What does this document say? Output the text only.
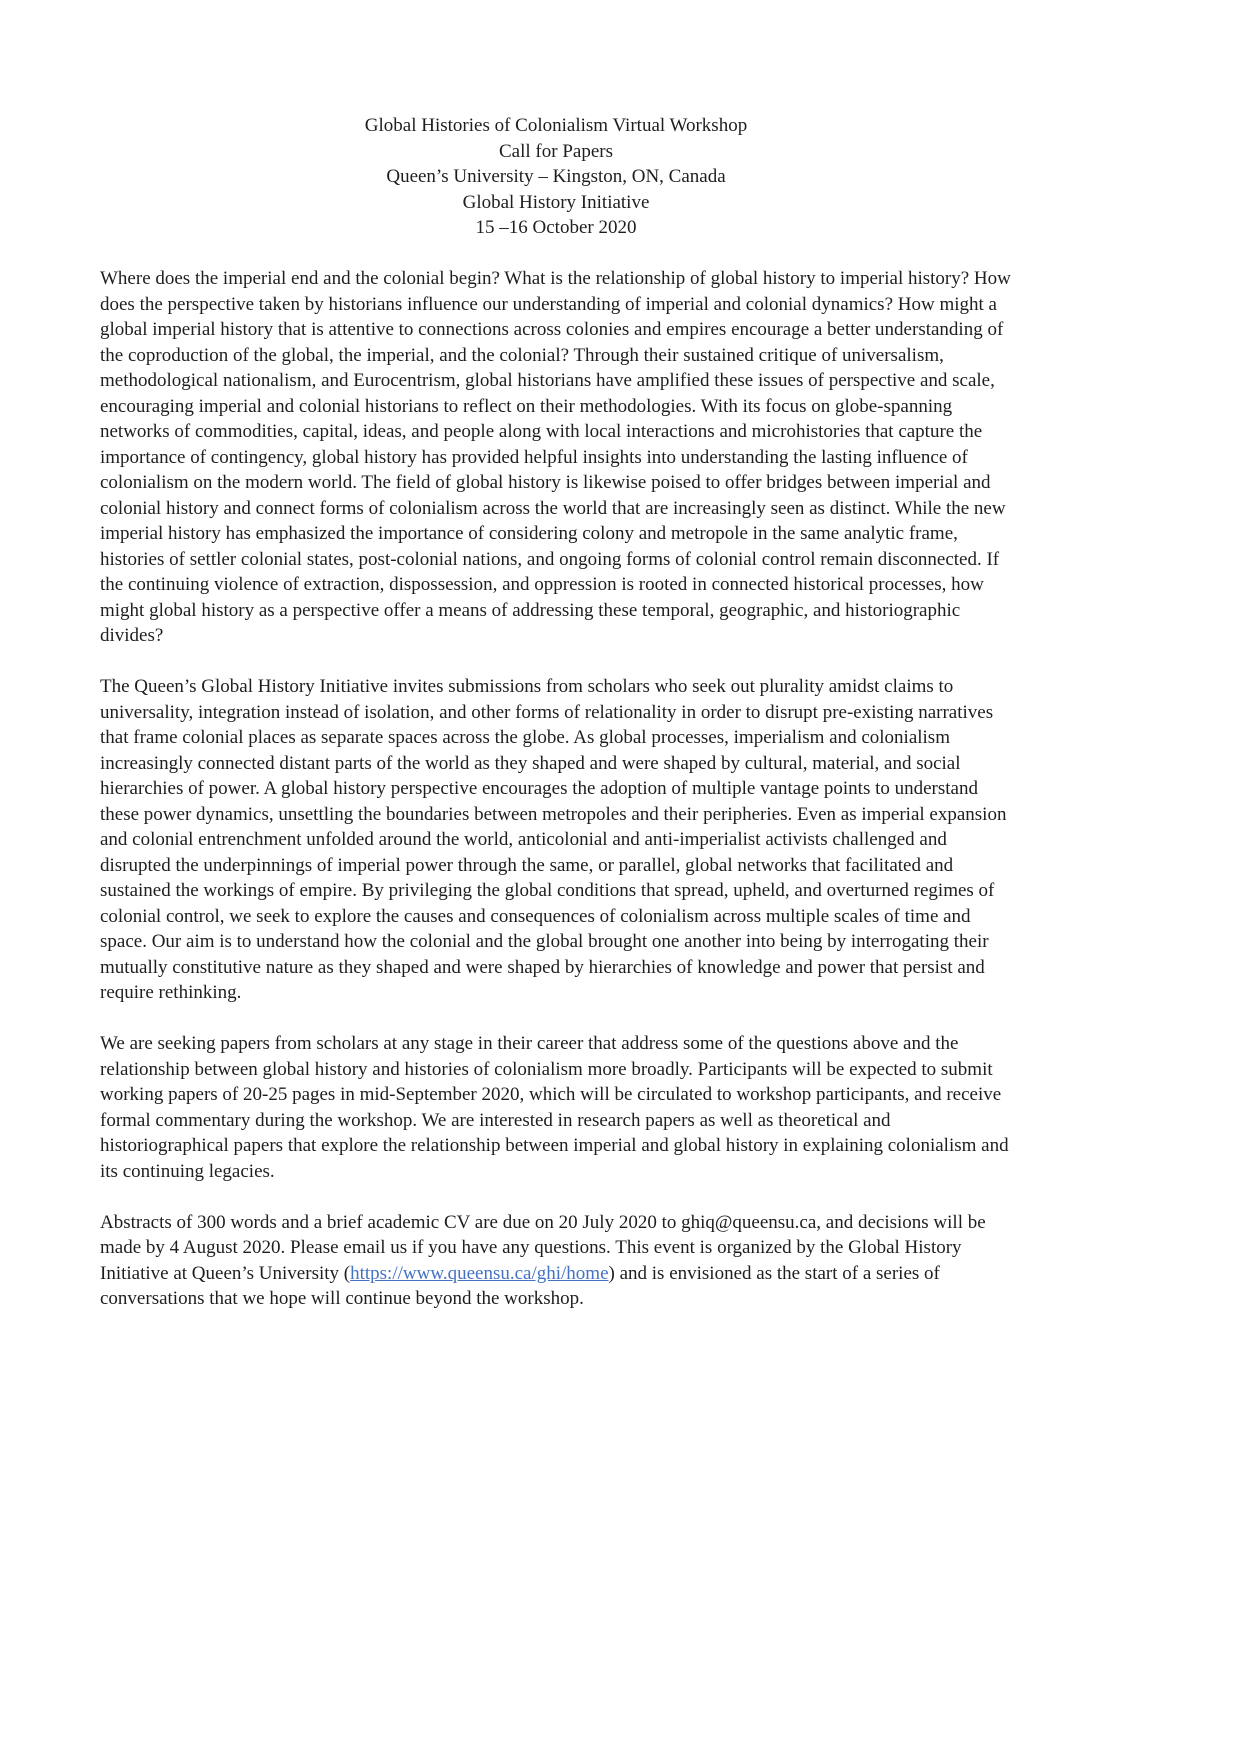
Global Histories of Colonialism Virtual Workshop
Call for Papers
Queen’s University – Kingston, ON, Canada
Global History Initiative
15 –16 October 2020

Where does the imperial end and the colonial begin? What is the relationship of global history to imperial history? How does the perspective taken by historians influence our understanding of imperial and colonial dynamics? How might a global imperial history that is attentive to connections across colonies and empires encourage a better understanding of the coproduction of the global, the imperial, and the colonial? Through their sustained critique of universalism, methodological nationalism, and Eurocentrism, global historians have amplified these issues of perspective and scale, encouraging imperial and colonial historians to reflect on their methodologies. With its focus on globe-spanning networks of commodities, capital, ideas, and people along with local interactions and microhistories that capture the importance of contingency, global history has provided helpful insights into understanding the lasting influence of colonialism on the modern world. The field of global history is likewise poised to offer bridges between imperial and colonial history and connect forms of colonialism across the world that are increasingly seen as distinct. While the new imperial history has emphasized the importance of considering colony and metropole in the same analytic frame, histories of settler colonial states, post-colonial nations, and ongoing forms of colonial control remain disconnected. If the continuing violence of extraction, dispossession, and oppression is rooted in connected historical processes, how might global history as a perspective offer a means of addressing these temporal, geographic, and historiographic divides?

The Queen’s Global History Initiative invites submissions from scholars who seek out plurality amidst claims to universality, integration instead of isolation, and other forms of relationality in order to disrupt pre-existing narratives that frame colonial places as separate spaces across the globe. As global processes, imperialism and colonialism increasingly connected distant parts of the world as they shaped and were shaped by cultural, material, and social hierarchies of power. A global history perspective encourages the adoption of multiple vantage points to understand these power dynamics, unsettling the boundaries between metropoles and their peripheries. Even as imperial expansion and colonial entrenchment unfolded around the world, anticolonial and anti-imperialist activists challenged and disrupted the underpinnings of imperial power through the same, or parallel, global networks that facilitated and sustained the workings of empire. By privileging the global conditions that spread, upheld, and overturned regimes of colonial control, we seek to explore the causes and consequences of colonialism across multiple scales of time and space. Our aim is to understand how the colonial and the global brought one another into being by interrogating their mutually constitutive nature as they shaped and were shaped by hierarchies of knowledge and power that persist and require rethinking.

We are seeking papers from scholars at any stage in their career that address some of the questions above and the relationship between global history and histories of colonialism more broadly. Participants will be expected to submit working papers of 20-25 pages in mid-September 2020, which will be circulated to workshop participants, and receive formal commentary during the workshop. We are interested in research papers as well as theoretical and historiographical papers that explore the relationship between imperial and global history in explaining colonialism and its continuing legacies.

Abstracts of 300 words and a brief academic CV are due on 20 July 2020 to ghiq@queensu.ca, and decisions will be made by 4 August 2020. Please email us if you have any questions. This event is organized by the Global History Initiative at Queen’s University (https://www.queensu.ca/ghi/home) and is envisioned as the start of a series of conversations that we hope will continue beyond the workshop.
